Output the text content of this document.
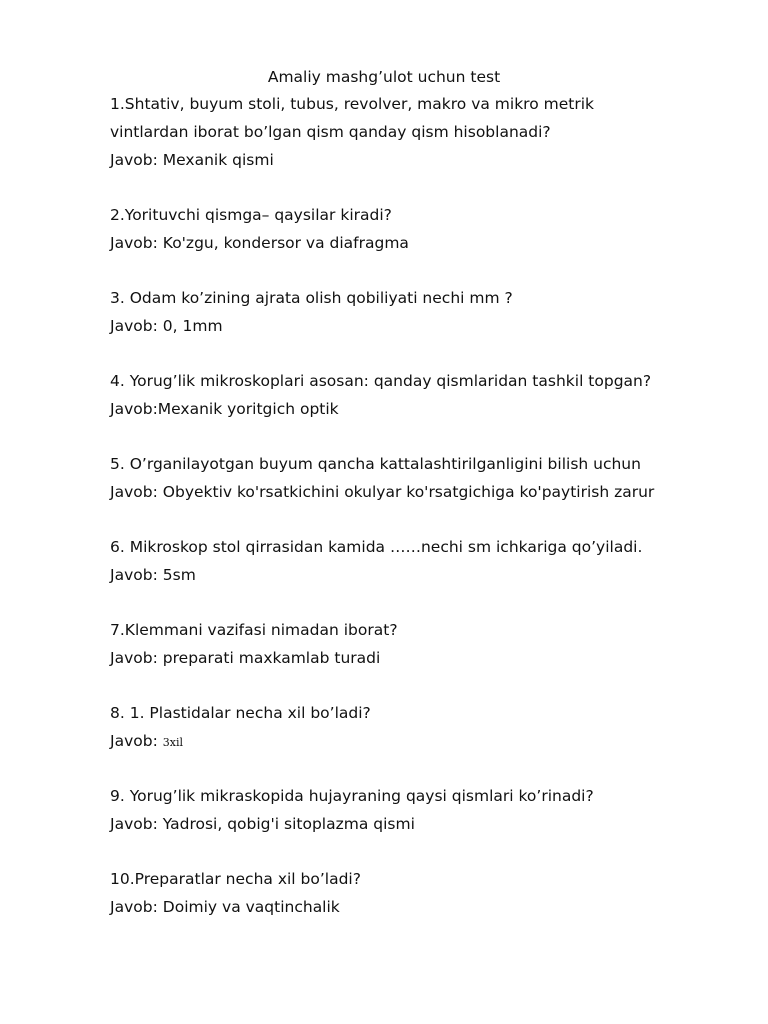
Amaliy mashg’ulot uchun test
1.Shtativ, buyum stoli, tubus, revolver, makro va mikro metrik
vintlardan iborat bo’lgan qism qanday qism hisoblanadi?
Javob: Mexanik qismi
2.Yorituvchi qismga– qaysilar kiradi?
Javob: Ko'zgu, kondersor va diafragma
3. Odam ko’zining ajrata olish qobiliyati nechi mm ?
Javob: 0, 1mm
4. Yorug’lik mikroskoplari asosan: qanday qismlaridan tashkil topgan?
Javob:Mexanik yoritgich optik
5. O’rganilayotgan buyum qancha kattalashtirilganligini bilish uchun
Javob: Obyektiv ko'rsatkichini okulyar ko'rsatgichiga ko'paytirish zarur
6. Mikroskop stol qirrasidan kamida ……nechi sm ichkariga qo’yiladi.
Javob: 5sm
7.Klemmani vazifasi nimadan iborat?
Javob: preparati maxkamlab turadi
8. 1. Plastidalar necha xil bo’ladi?
Javob: 3xil
9. Yorug’lik mikraskopida hujayraning qaysi qismlari ko’rinadi?
Javob: Yadrosi, qobig'i sitoplazma qismi
10.Preparatlar necha xil bo’ladi?
Javob: Doimiy va vaqtinchalik
